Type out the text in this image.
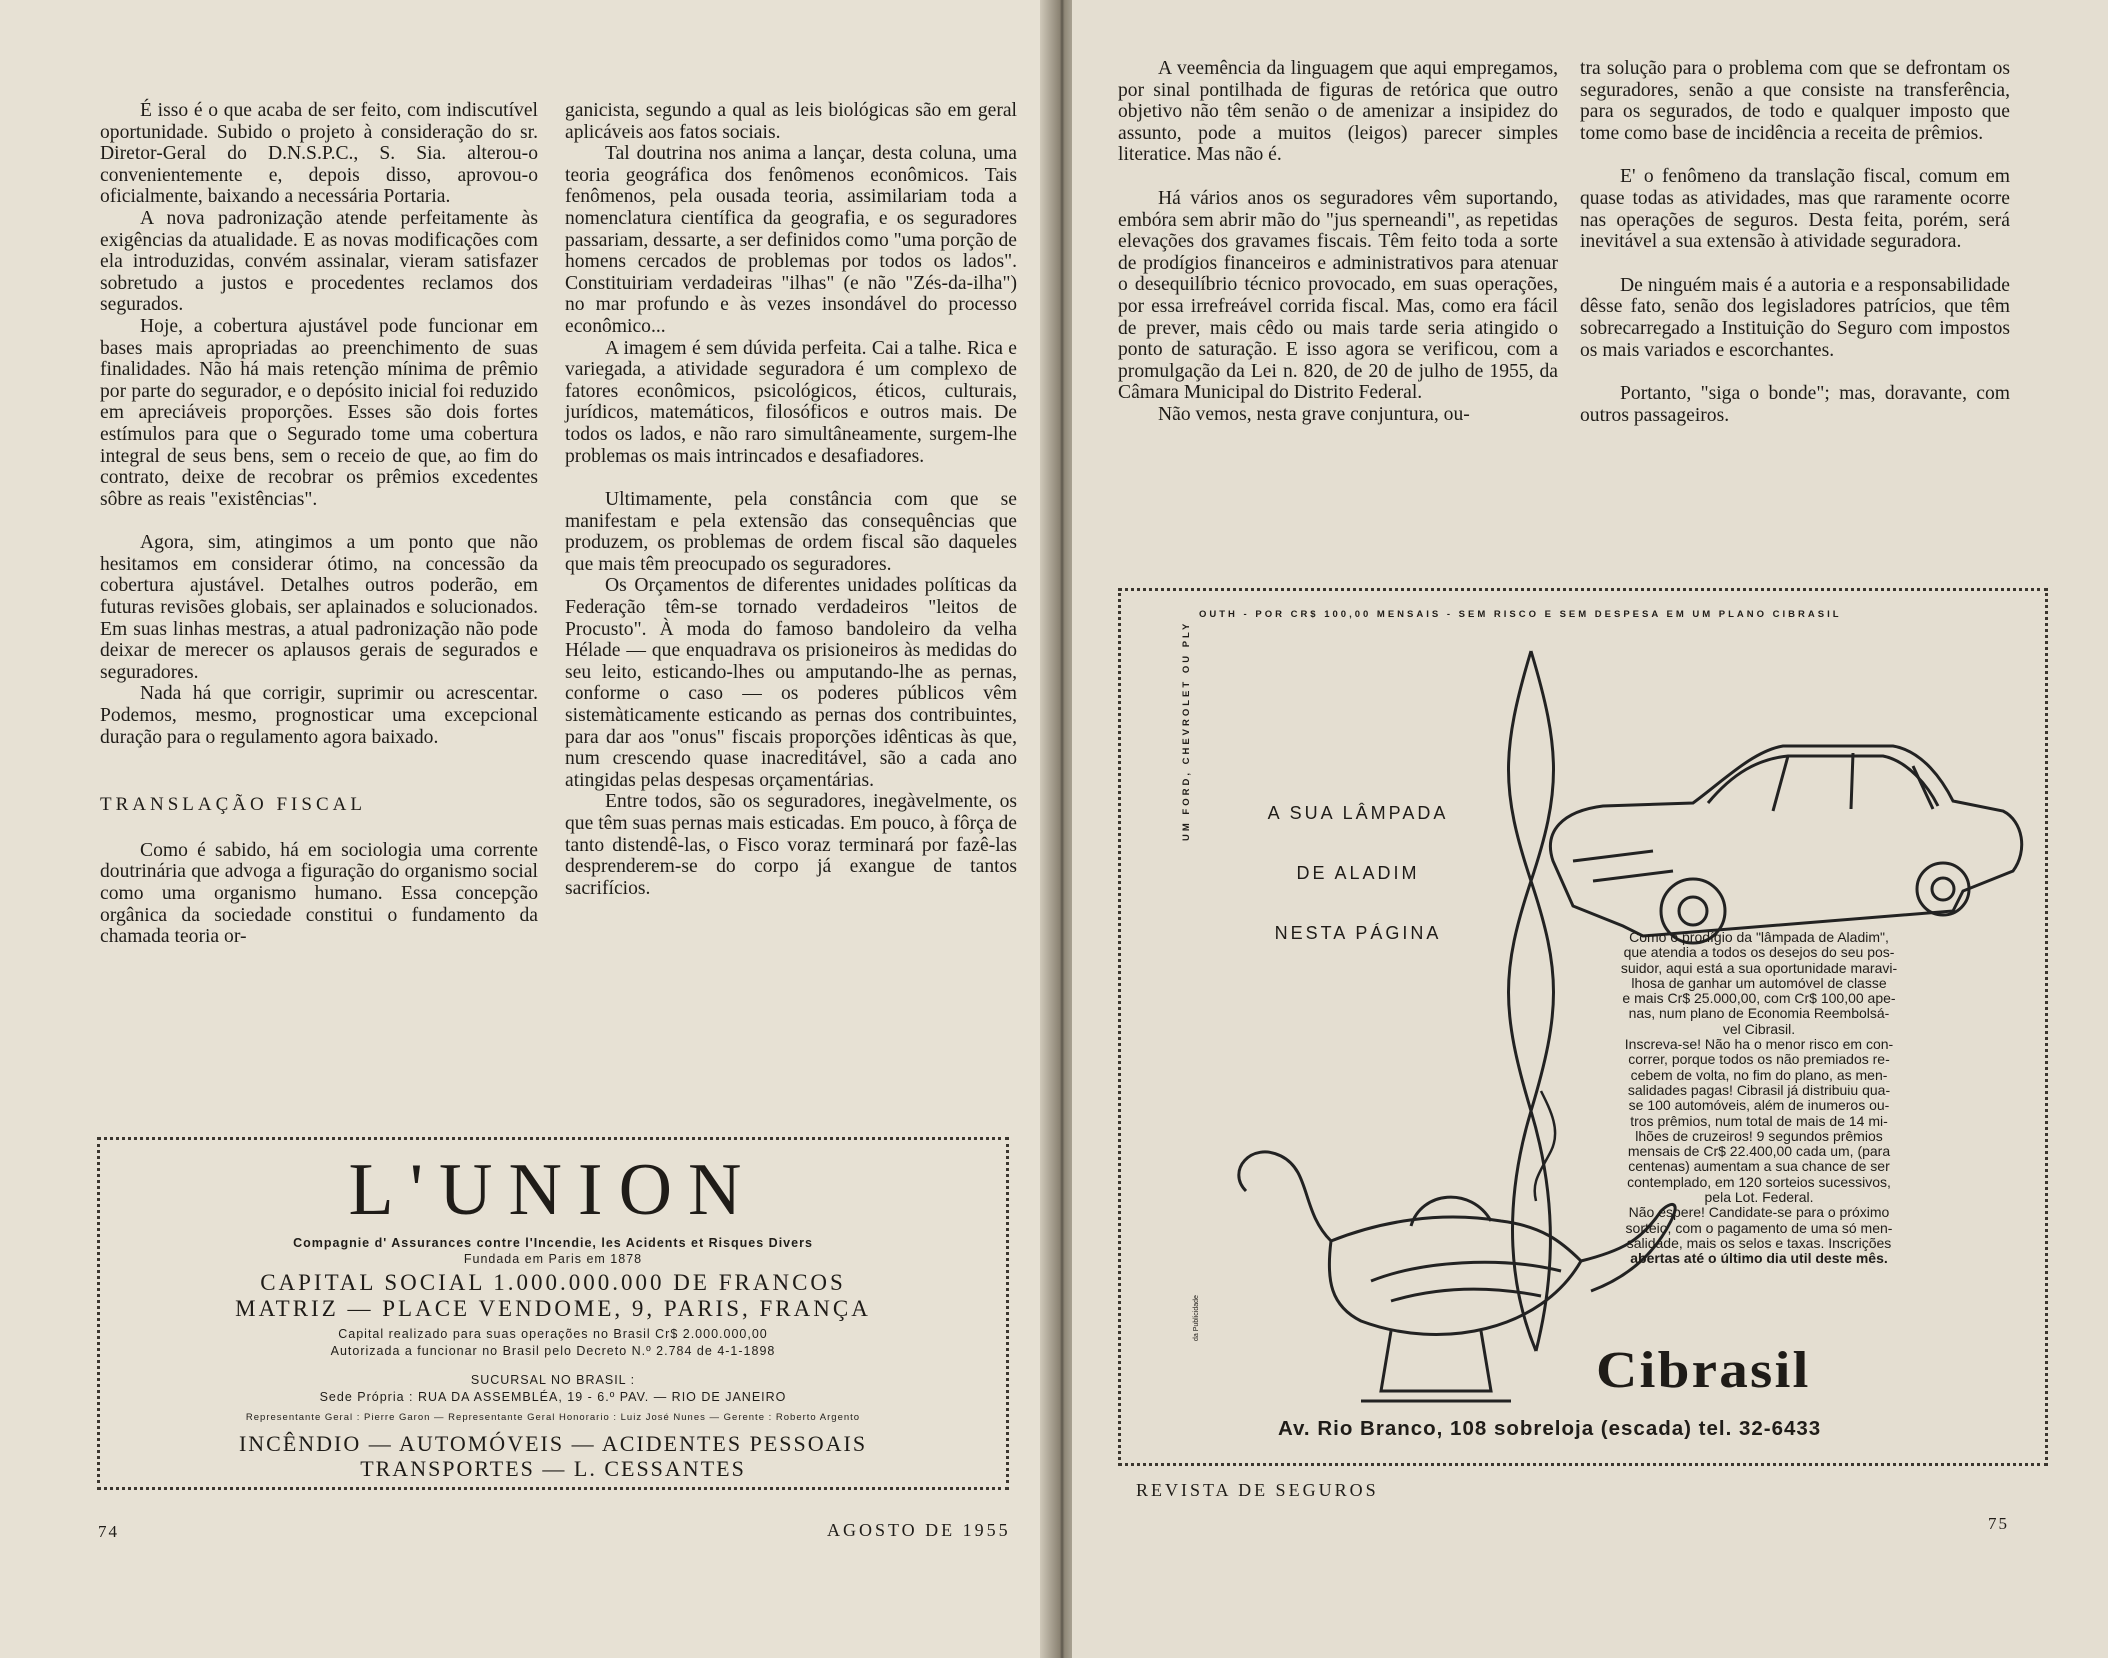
É isso é o que acaba de ser feito, com indiscutível oportunidade. Subido o projeto à consideração do sr. Diretor-Geral do D.N.S.P.C., S. Sia. alterou-o convenientemente e, depois disso, aprovou-o oficialmente, baixando a necessária Portaria.

A nova padronização atende perfeitamente às exigências da atualidade. E as novas modificações com ela introduzidas, convém assinalar, vieram satisfazer sobretudo a justos e procedentes reclamos dos segurados.

Hoje, a cobertura ajustável pode funcionar em bases mais apropriadas ao preenchimento de suas finalidades. Não há mais retenção mínima de prêmio por parte do segurador, e o depósito inicial foi reduzido em apreciáveis proporções. Esses são dois fortes estímulos para que o Segurado tome uma cobertura integral de seus bens, sem o receio de que, ao fim do contrato, deixe de recobrar os prêmios excedentes sôbre as reais "existências".

Agora, sim, atingimos a um ponto que não hesitamos em considerar ótimo, na concessão da cobertura ajustável. Detalhes outros poderão, em futuras revisões globais, ser aplainados e solucionados. Em suas linhas mestras, a atual padronização não pode deixar de merecer os aplausos gerais de segurados e seguradores.

Nada há que corrigir, suprimir ou acrescentar. Podemos, mesmo, prognosticar uma excepcional duração para o regulamento agora baixado.

TRANSLAÇÃO FISCAL

Como é sabido, há em sociologia uma corrente doutrinária que advoga a figuração do organismo social como uma organismo humano. Essa concepção orgânica da sociedade constitui o fundamento da chamada teoria or-

ganicista, segundo a qual as leis biológicas são em geral aplicáveis aos fatos sociais.

Tal doutrina nos anima a lançar, desta coluna, uma teoria geográfica dos fenômenos econômicos. Tais fenômenos, pela ousada teoria, assimilariam toda a nomenclatura científica da geografia, e os seguradores passariam, dessarte, a ser definidos como "uma porção de homens cercados de problemas por todos os lados". Constituiriam verdadeiras "ilhas" (e não "Zés-da-ilha") no mar profundo e às vezes insondável do processo econômico...

A imagem é sem dúvida perfeita. Cai a talhe. Rica e variegada, a atividade seguradora é um complexo de fatores econômicos, psicológicos, éticos, culturais, jurídicos, matemáticos, filosóficos e outros mais. De todos os lados, e não raro simultâneamente, surgem-lhe problemas os mais intrincados e desafiadores.

Ultimamente, pela constância com que se manifestam e pela extensão das consequências que produzem, os problemas de ordem fiscal são daqueles que mais têm preocupado os seguradores.

Os Orçamentos de diferentes unidades políticas da Federação têm-se tornado verdadeiros "leitos de Procusto". À moda do famoso bandoleiro da velha Hélade — que enquadrava os prisioneiros às medidas do seu leito, esticando-lhes ou amputando-lhe as pernas, conforme o caso — os poderes públicos vêm sistemàticamente esticando as pernas dos contribuintes, para dar aos "onus" fiscais proporções idênticas às que, num crescendo quase inacreditável, são a cada ano atingidas pelas despesas orçamentárias.

Entre todos, são os seguradores, inegàvelmente, os que têm suas pernas mais esticadas. Em pouco, à fôrça de tanto distendê-las, o Fisco voraz terminará por fazê-las desprenderem-se do corpo já exangue de tantos sacrifícios.

L'UNION
Compagnie d' Assurances contre l'Incendie, les Acidents et Risques Divers
Fundada em Paris em 1878
CAPITAL SOCIAL 1.000.000.000 DE FRANCOS
MATRIZ — PLACE VENDOME, 9, PARIS, FRANÇA
Capital realizado para suas operações no Brasil Cr$ 2.000.000,00
Autorizada a funcionar no Brasil pelo Decreto N.º 2.784 de 4-1-1898
SUCURSAL NO BRASIL :
Sede Própria : RUA DA ASSEMBLÉA, 19 - 6.º PAV. — RIO DE JANEIRO
Representante Geral : Pierre Garon — Representante Geral Honorario : Luiz José Nunes — Gerente : Roberto Argento
INCÊNDIO — AUTOMÓVEIS — ACIDENTES PESSOAIS
TRANSPORTES — L. CESSANTES
74	AGOSTO DE 1955

A veemência da linguagem que aqui empregamos, por sinal pontilhada de figuras de retórica que outro objetivo não têm senão o de amenizar a insipidez do assunto, pode a muitos (leigos) parecer simples literatice. Mas não é.

Há vários anos os seguradores vêm suportando, embóra sem abrir mão do "jus sperneandi", as repetidas elevações dos gravames fiscais. Têm feito toda a sorte de prodígios financeiros e administrativos para atenuar o desequilíbrio técnico provocado, em suas operações, por essa irrefreável corrida fiscal. Mas, como era fácil de prever, mais cêdo ou mais tarde seria atingido o ponto de saturação. E isso agora se verificou, com a promulgação da Lei n. 820, de 20 de julho de 1955, da Câmara Municipal do Distrito Federal.

Não vemos, nesta grave conjuntura, ou-

tra solução para o problema com que se defrontam os seguradores, senão a que consiste na transferência, para os segurados, de todo e qualquer imposto que tome como base de incidência a receita de prêmios.

E' o fenômeno da translação fiscal, comum em quase todas as atividades, mas que raramente ocorre nas operações de seguros. Desta feita, porém, será inevitável a sua extensão à atividade seguradora.

De ninguém mais é a autoria e a responsabilidade dêsse fato, senão dos legisladores patrícios, que têm sobrecarregado a Instituição do Seguro com impostos os mais variados e escorchantes.

Portanto, "siga o bonde"; mas, doravante, com outros passageiros.

OUTH - POR CR$ 100,00 MENSAIS - SEM RISCO E SEM DESPESA EM UM PLANO CIBRASIL
UM FORD, CHEVROLET OU PLY
da Publicidade
A SUA LÂMPADA
DE ALADIM
NESTA PÁGINA	Como o prodígio da "lâmpada de Aladim",
que atendia a todos os desejos do seu pos-
suidor, aqui está a sua oportunidade maravi-
lhosa de ganhar um automóvel de classe
e mais Cr$ 25.000,00, com Cr$ 100,00 ape-
nas, num plano de Economia Reembolsá-
vel Cibrasil.
Inscreva-se! Não ha o menor risco em con-
correr, porque todos os não premiados re-
cebem de volta, no fim do plano, as men-
salidades pagas! Cibrasil já distribuiu qua-
se 100 automóveis, além de inumeros ou-
tros prêmios, num total de mais de 14 mi-
lhões de cruzeiros! 9 segundos prêmios
mensais de Cr$ 22.400,00 cada um, (para
centenas) aumentam a sua chance de ser
contemplado, em 120 sorteios sucessivos,
pela Lot. Federal.
Não espere! Candidate-se para o próximo
sorteio, com o pagamento de uma só men-
salidade, mais os selos e taxas. Inscrições
abertas até o último dia util deste mês.
Cibrasil
Av. Rio Branco, 108 sobreloja (escada) tel. 32-6433
REVISTA DE SEGUROS
75
